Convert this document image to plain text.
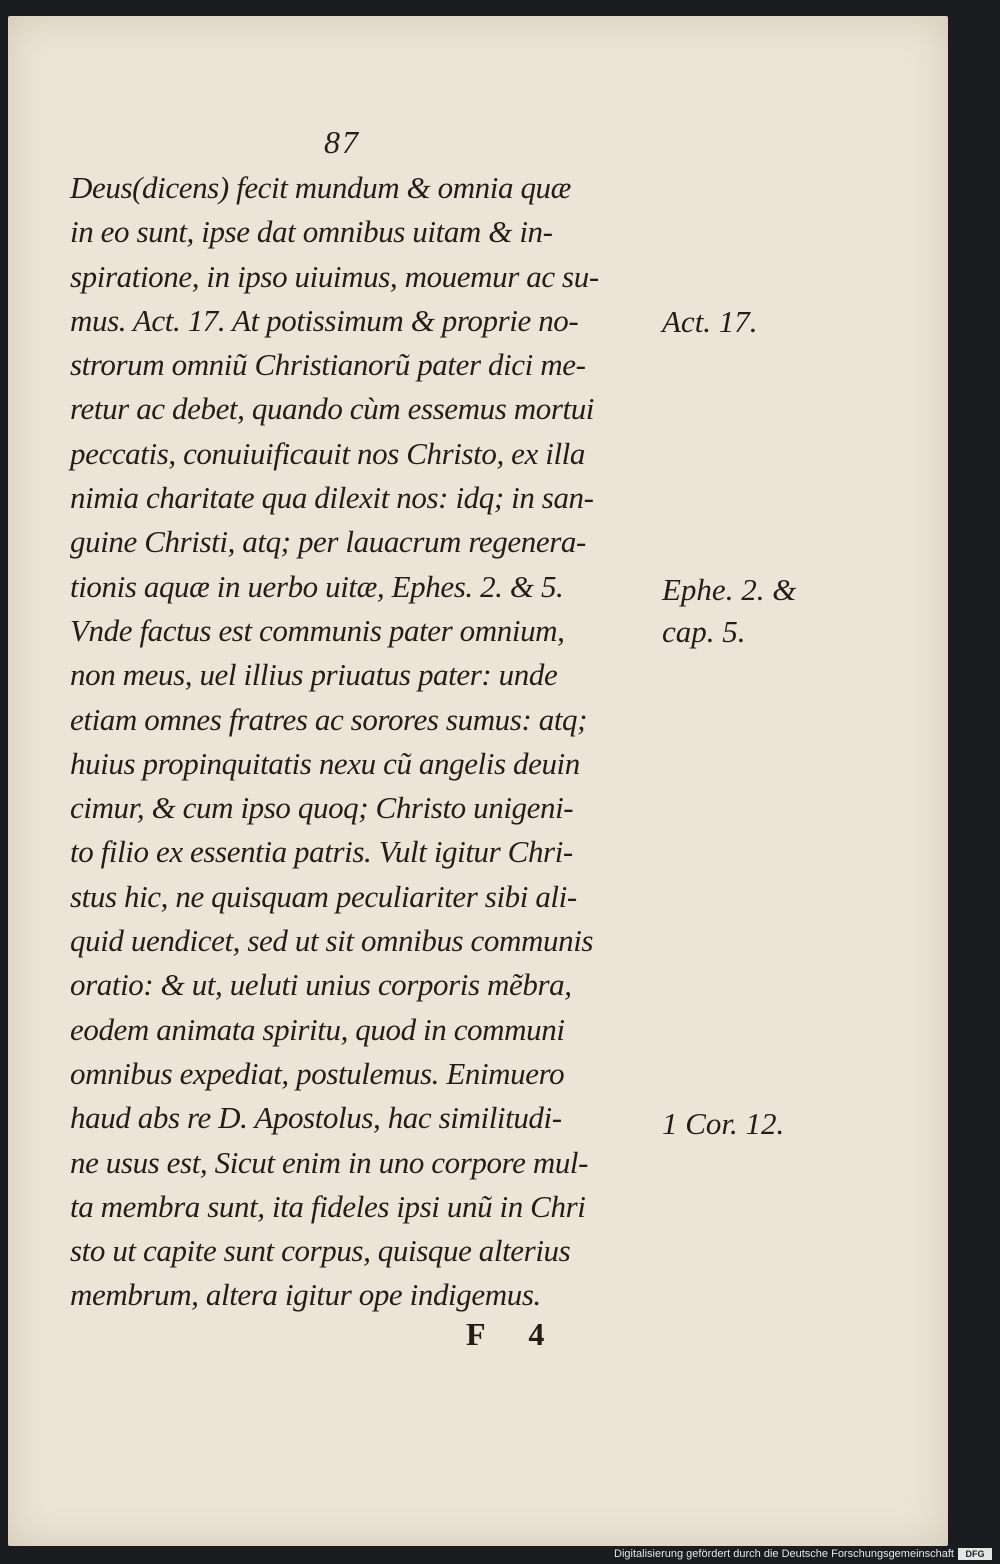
87
Deus(dicens) fecit mundum & omnia quæ
in eo sunt, ipse dat omnibus uitam & in-
spiratione, in ipso uiuimus, mouemur ac su-
mus. Act. 17. At potissimum & proprie no-
strorum omniũ Christianorũ pater dici me-
retur ac debet, quando cùm essemus mortui
peccatis, conuiuificauit nos Christo, ex illa
nimia charitate qua dilexit nos: idq; in san-
guine Christi, atq; per lauacrum regenera-
tionis aquæ in uerbo uitæ, Ephes. 2. & 5.
Vnde factus est communis pater omnium,
non meus, uel illius priuatus pater: unde
etiam omnes fratres ac sorores sumus: atq;
huius propinquitatis nexu cũ angelis deuin
cimur, & cum ipso quoq; Christo unigeni-
to filio ex essentia patris. Vult igitur Chri-
stus hic, ne quisquam peculiariter sibi ali-
quid uendicet, sed ut sit omnibus communis
oratio: & ut, ueluti unius corporis mẽbra,
eodem animata spiritu, quod in communi
omnibus expediat, postulemus. Enimuero
haud abs re D. Apostolus, hac similitudi-
ne usus est, Sicut enim in uno corpore mul-
ta membra sunt, ita fideles ipsi unũ in Chri
sto ut capite sunt corpus, quisque alterius
membrum, altera igitur ope indigemus.
Act. 17.
Ephe. 2. &
cap. 5.
1 Cor. 12.
F 4
Digitalisierung gefördert durch die Deutsche Forschungsgemeinschaft	DFG
